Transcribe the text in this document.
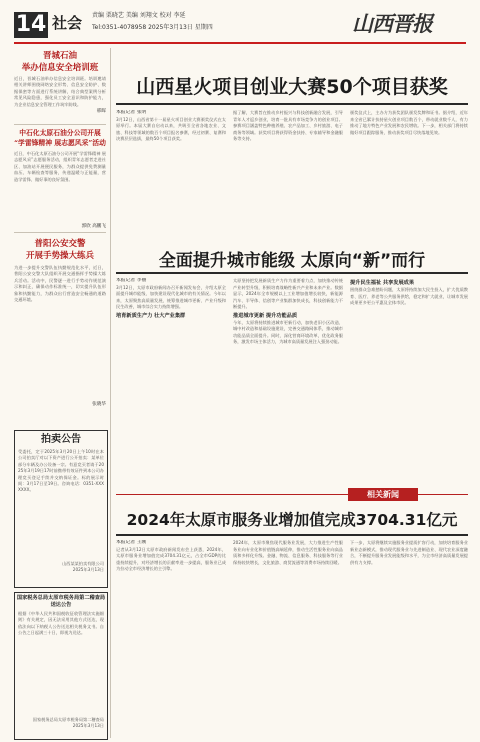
14 社会 责编 栗晓艺 美编 刘翔文 校对 李延
Tel:0351-4078958 2025年3月13日 星期四	山西晋报
晋城石油
举办信息安全培训班
近日，晋城石油举办信息安全培训班。培训邀请相关讲师围绕网络安全形势、信息安全防护、数据保密等方面进行系统讲解，结合典型案例分析常见风险隐患，强化员工安全意识和防护能力，为企业信息安全管理工作筑牢防线。
邢晖
中石化太原石油分公司开展
“学雷锋精神 展志愿风采”活动
近日，中石化太原石油分公司开展“学雷锋精神 展志愿风采”志愿服务活动，组织青年志愿者走进社区、加油站开展便民服务，为群众提供免费测量血压、车辆检查等服务，传递温暖与正能量，营造学雷锋、做好事的良好氛围。
郭欣 高鹏飞
普阳公安交警
开展手势操大练兵
为进一步提升交警队伍执勤规范化水平，近日，普阳公安交警大队组织开展交通指挥手势操大练兵活动。活动中，民警逐一进行手势动作规范演示和纠正，确保动作标准统一，切实提升队伍形象和执勤能力，为群众出行营造安全畅通的道路交通环境。
张晓华
拍卖公告
受委托，定于2025年3月20日上午10时在本公司拍卖厅对以下资产进行公开拍卖：某单位部分车辆及办公设备一宗。有意竞买者请于2025年3月19日17时前携带有效证件到本公司办理竞买登记手续并交纳保证金。标的展示时间：3月17日至19日。咨询电话：0351-XXXXXXX。
山西某某拍卖有限公司
2025年3月13日
国家税务总局太原市税务局第二稽查局
送达公告
根据《中华人民共和国税收征收管理法实施细则》有关规定，因无法采用其他方式送达，现依法向以下纳税人公告送达相关税务文书。自公告之日起满三十日，即视为送达。
国家税务总局太原市税务局第二稽查局
2025年3月13日
山西星火项目创业大赛50个项目获奖
本报记者 张明
3月12日，山西省第十一届星火项目创业大赛颁奖仪式在太原举行。本届大赛自启动以来，共吸引全省各地农业、文旅、科技等领域的数百个项目报名参赛，经过初赛、复赛和决赛层层选拔，最终50个项目获奖。
据了解，大赛旨在推动乡村振兴与科技创新融合发展，引导青年人才返乡创业，培育一批具有市场竞争力的创业项目。参赛项目涵盖特色种植养殖、农产品加工、乡村旅游、电子商务等领域。获奖项目将获得资金扶持、专家辅导和金融服务等支持。
颁奖仪式上，主办方为获奖团队颁发奖牌和证书。据介绍，近年来全省已累计扶持星火创业项目数百个，带动就业数千人，有力推动了地方特色产业发展和农民增收。下一步，相关部门将持续做好项目跟踪服务，推动获奖项目尽快落地见效。
全面提升城市能级 太原向“新”而行
本报记者 李丽
3月12日，太原市政府新闻办召开新闻发布会，介绍太原全面提升城市能级、加快建设现代化城市的有关情况。今年以来，太原聚焦高质量发展，统筹推进城市更新、产业升级和民生改善，城市综合实力持续增强。
培育新质生产力 壮大产业集群
太原坚持把发展新质生产力作为重要着力点，加快推动传统产业转型升级，积极培育战略性新兴产业和未来产业。数据显示，2024年全市规模以上工业增加值增长较快，新能源汽车、半导体、信创等产业集群加快成长，科技创新能力不断提升。
推进城市更新 提升功能品质
今年，太原将持续推进城市更新行动，加快老旧小区改造、城中村改造和基础设施建设，完善交通路网体系，推动城市功能品质全面提升。同时，深化营商环境改革，优化政务服务，激发市场主体活力，为城市高质量发展注入强劲动能。
提升民生福祉 共享发展成果
围绕群众急难愁盼问题，太原将持续加大民生投入，扩大优质教育、医疗、养老等公共服务供给，稳定和扩大就业，让城市发展成果更多更公平惠及全体市民。
相关新闻
2024年太原市服务业增加值完成3704.31亿元
本报记者 王刚
记者从3月12日太原市政府新闻发布会上获悉，2024年，太原市服务业增加值完成3704.31亿元，占全市GDP的比重持续提升，对经济增长的贡献率进一步提高，服务业已成为拉动全市经济增长的主引擎。
2024年，太原市聚焦现代服务业发展，大力推进生产性服务业向专业化和价值链高端延伸，推动生活性服务业向高品质和多样化升级。金融、物流、信息服务、科技服务等行业保持较快增长，文化旅游、商贸流通等消费市场持续回暖。
下一步，太原将继续实施服务业提质扩容行动，加快培育服务业新业态新模式，推动现代服务业与先进制造业、现代农业深度融合，不断提升服务业发展能级和水平，为全市经济高质量发展提供有力支撑。
